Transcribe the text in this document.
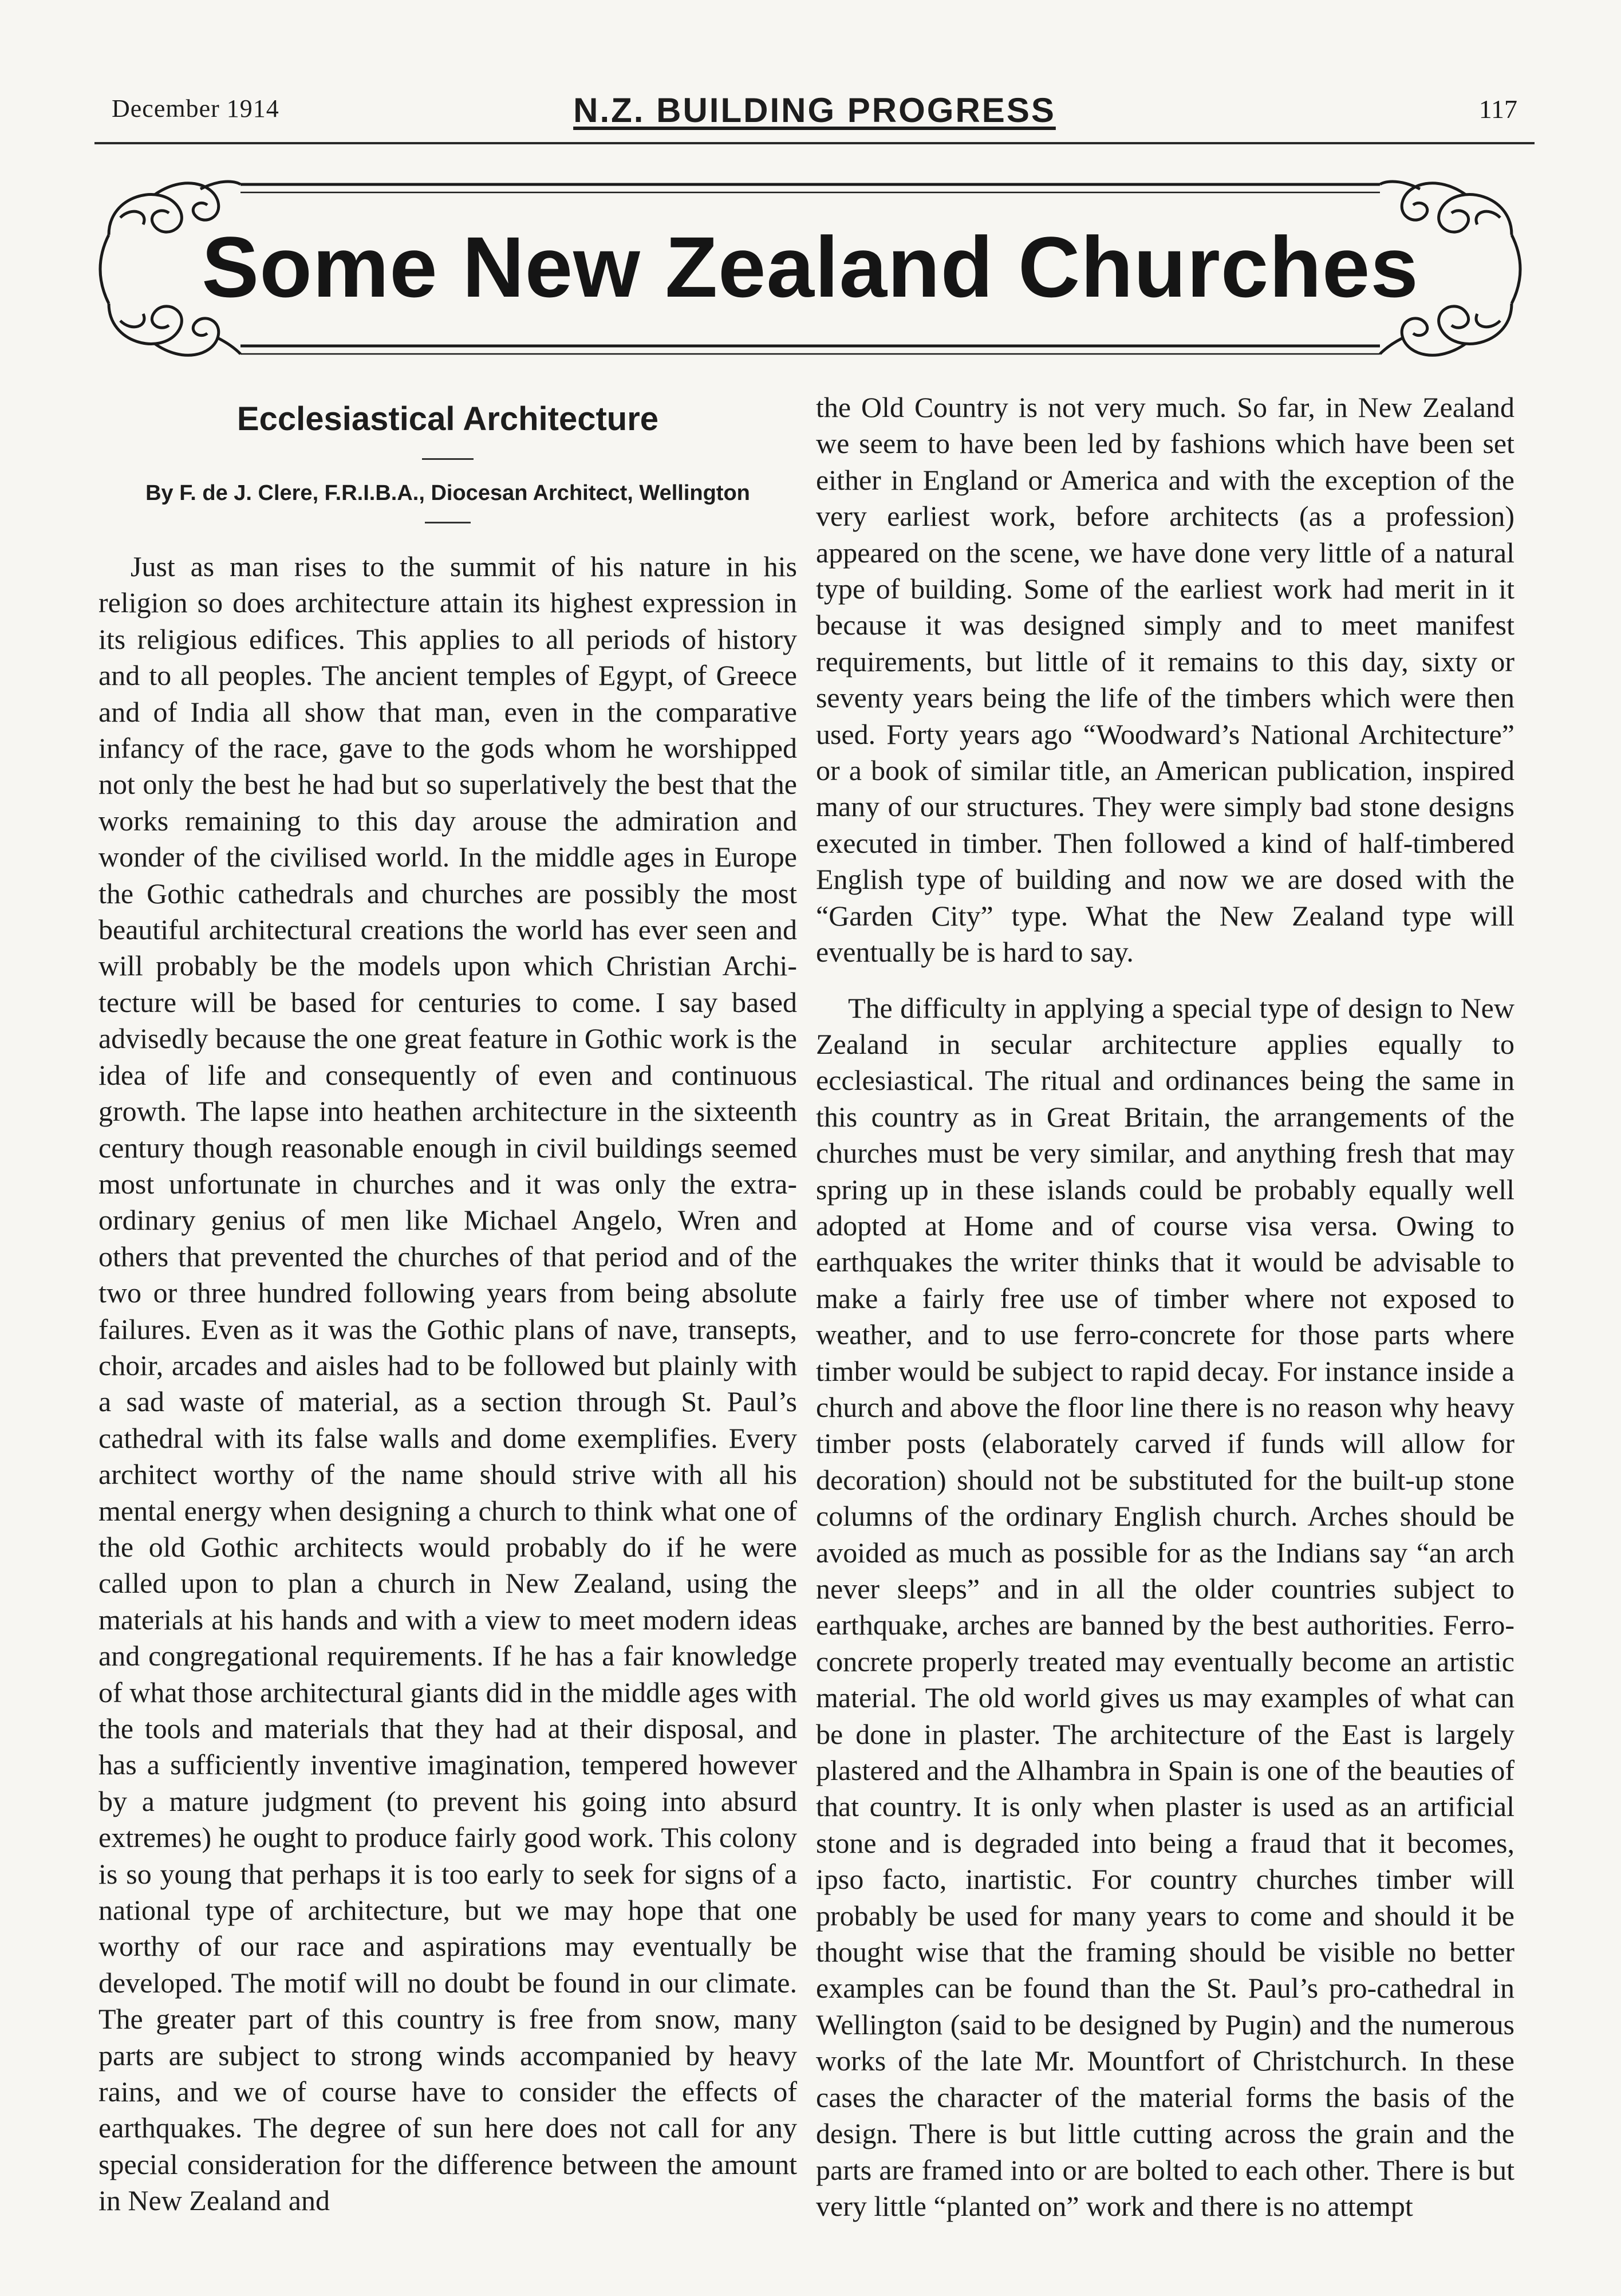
December 1914	N.Z. BUILDING PROGRESS	117
Some New Zealand Churches
Ecclesiastical Architecture

By F. de J. Clere, F.R.I.B.A., Diocesan Architect, Wellington

Just as man rises to the summit of his nature in his religion so does architecture attain its highest expression in its religious edifices. This applies to all periods of history and to all peoples. The ancient temples of Egypt, of Greece and of India all show that man, even in the comparative infancy of the race, gave to the gods whom he worshipped not only the best he had but so superlatively the best that the works remaining to this day arouse the admiration and wonder of the civilised world. In the middle ages in Europe the Gothic cathedrals and churches are possibly the most beautiful architectural creations the world has ever seen and will probably be the models upon which Christian Architecture will be based for centuries to come. I say based advisedly because the one great feature in Gothic work is the idea of life and consequently of even and continuous growth. The lapse into heathen architecture in the sixteenth century though reasonable enough in civil buildings seemed most unfortunate in churches and it was only the extraordinary genius of men like Michael Angelo, Wren and others that prevented the churches of that period and of the two or three hundred following years from being absolute failures. Even as it was the Gothic plans of nave, transepts, choir, arcades and aisles had to be followed but plainly with a sad waste of material, as a section through St. Paul’s cathedral with its false walls and dome exemplifies. Every architect worthy of the name should strive with all his mental energy when designing a church to think what one of the old Gothic architects would probably do if he were called upon to plan a church in New Zealand, using the materials at his hands and with a view to meet modern ideas and congregational requirements. If he has a fair knowledge of what those architectural giants did in the middle ages with the tools and materials that they had at their disposal, and has a sufficiently inventive imagination, tempered however by a mature judgment (to prevent his going into absurd extremes) he ought to produce fairly good work. This colony is so young that perhaps it is too early to seek for signs of a national type of architecture, but we may hope that one worthy of our race and aspirations may eventually be developed. The motif will no doubt be found in our climate. The greater part of this country is free from snow, many parts are subject to strong winds accompanied by heavy rains, and we of course have to consider the effects of earthquakes. The degree of sun here does not call for any special consideration for the difference between the amount in New Zealand and

the Old Country is not very much. So far, in New Zealand we seem to have been led by fashions which have been set either in England or America and with the exception of the very earliest work, before architects (as a profession) appeared on the scene, we have done very little of a natural type of building. Some of the earliest work had merit in it because it was designed simply and to meet manifest requirements, but little of it remains to this day, sixty or seventy years being the life of the timbers which were then used. Forty years ago “Woodward’s National Architecture” or a book of similar title, an American publication, inspired many of our structures. They were simply bad stone designs executed in timber. Then followed a kind of half-timbered English type of building and now we are dosed with the “Garden City” type. What the New Zealand type will eventually be is hard to say.

The difficulty in applying a special type of design to New Zealand in secular architecture applies equally to ecclesiastical. The ritual and ordinances being the same in this country as in Great Britain, the arrangements of the churches must be very similar, and anything fresh that may spring up in these islands could be probably equally well adopted at Home and of course visa versa. Owing to earthquakes the writer thinks that it would be advisable to make a fairly free use of timber where not exposed to weather, and to use ferro-concrete for those parts where timber would be subject to rapid decay. For instance inside a church and above the floor line there is no reason why heavy timber posts (elaborately carved if funds will allow for decoration) should not be substituted for the built-up stone columns of the ordinary English church. Arches should be avoided as much as possible for as the Indians say “an arch never sleeps” and in all the older countries subject to earthquake, arches are banned by the best authorities. Ferro-concrete properly treated may eventually become an artistic material. The old world gives us may examples of what can be done in plaster. The architecture of the East is largely plastered and the Alhambra in Spain is one of the beauties of that country. It is only when plaster is used as an artificial stone and is degraded into being a fraud that it becomes, ipso facto, inartistic. For country churches timber will probably be used for many years to come and should it be thought wise that the framing should be visible no better examples can be found than the St. Paul’s pro-cathedral in Wellington (said to be designed by Pugin) and the numerous works of the late Mr. Mountfort of Christchurch. In these cases the character of the material forms the basis of the design. There is but little cutting across the grain and the parts are framed into or are bolted to each other. There is but very little “planted on” work and there is no attempt
